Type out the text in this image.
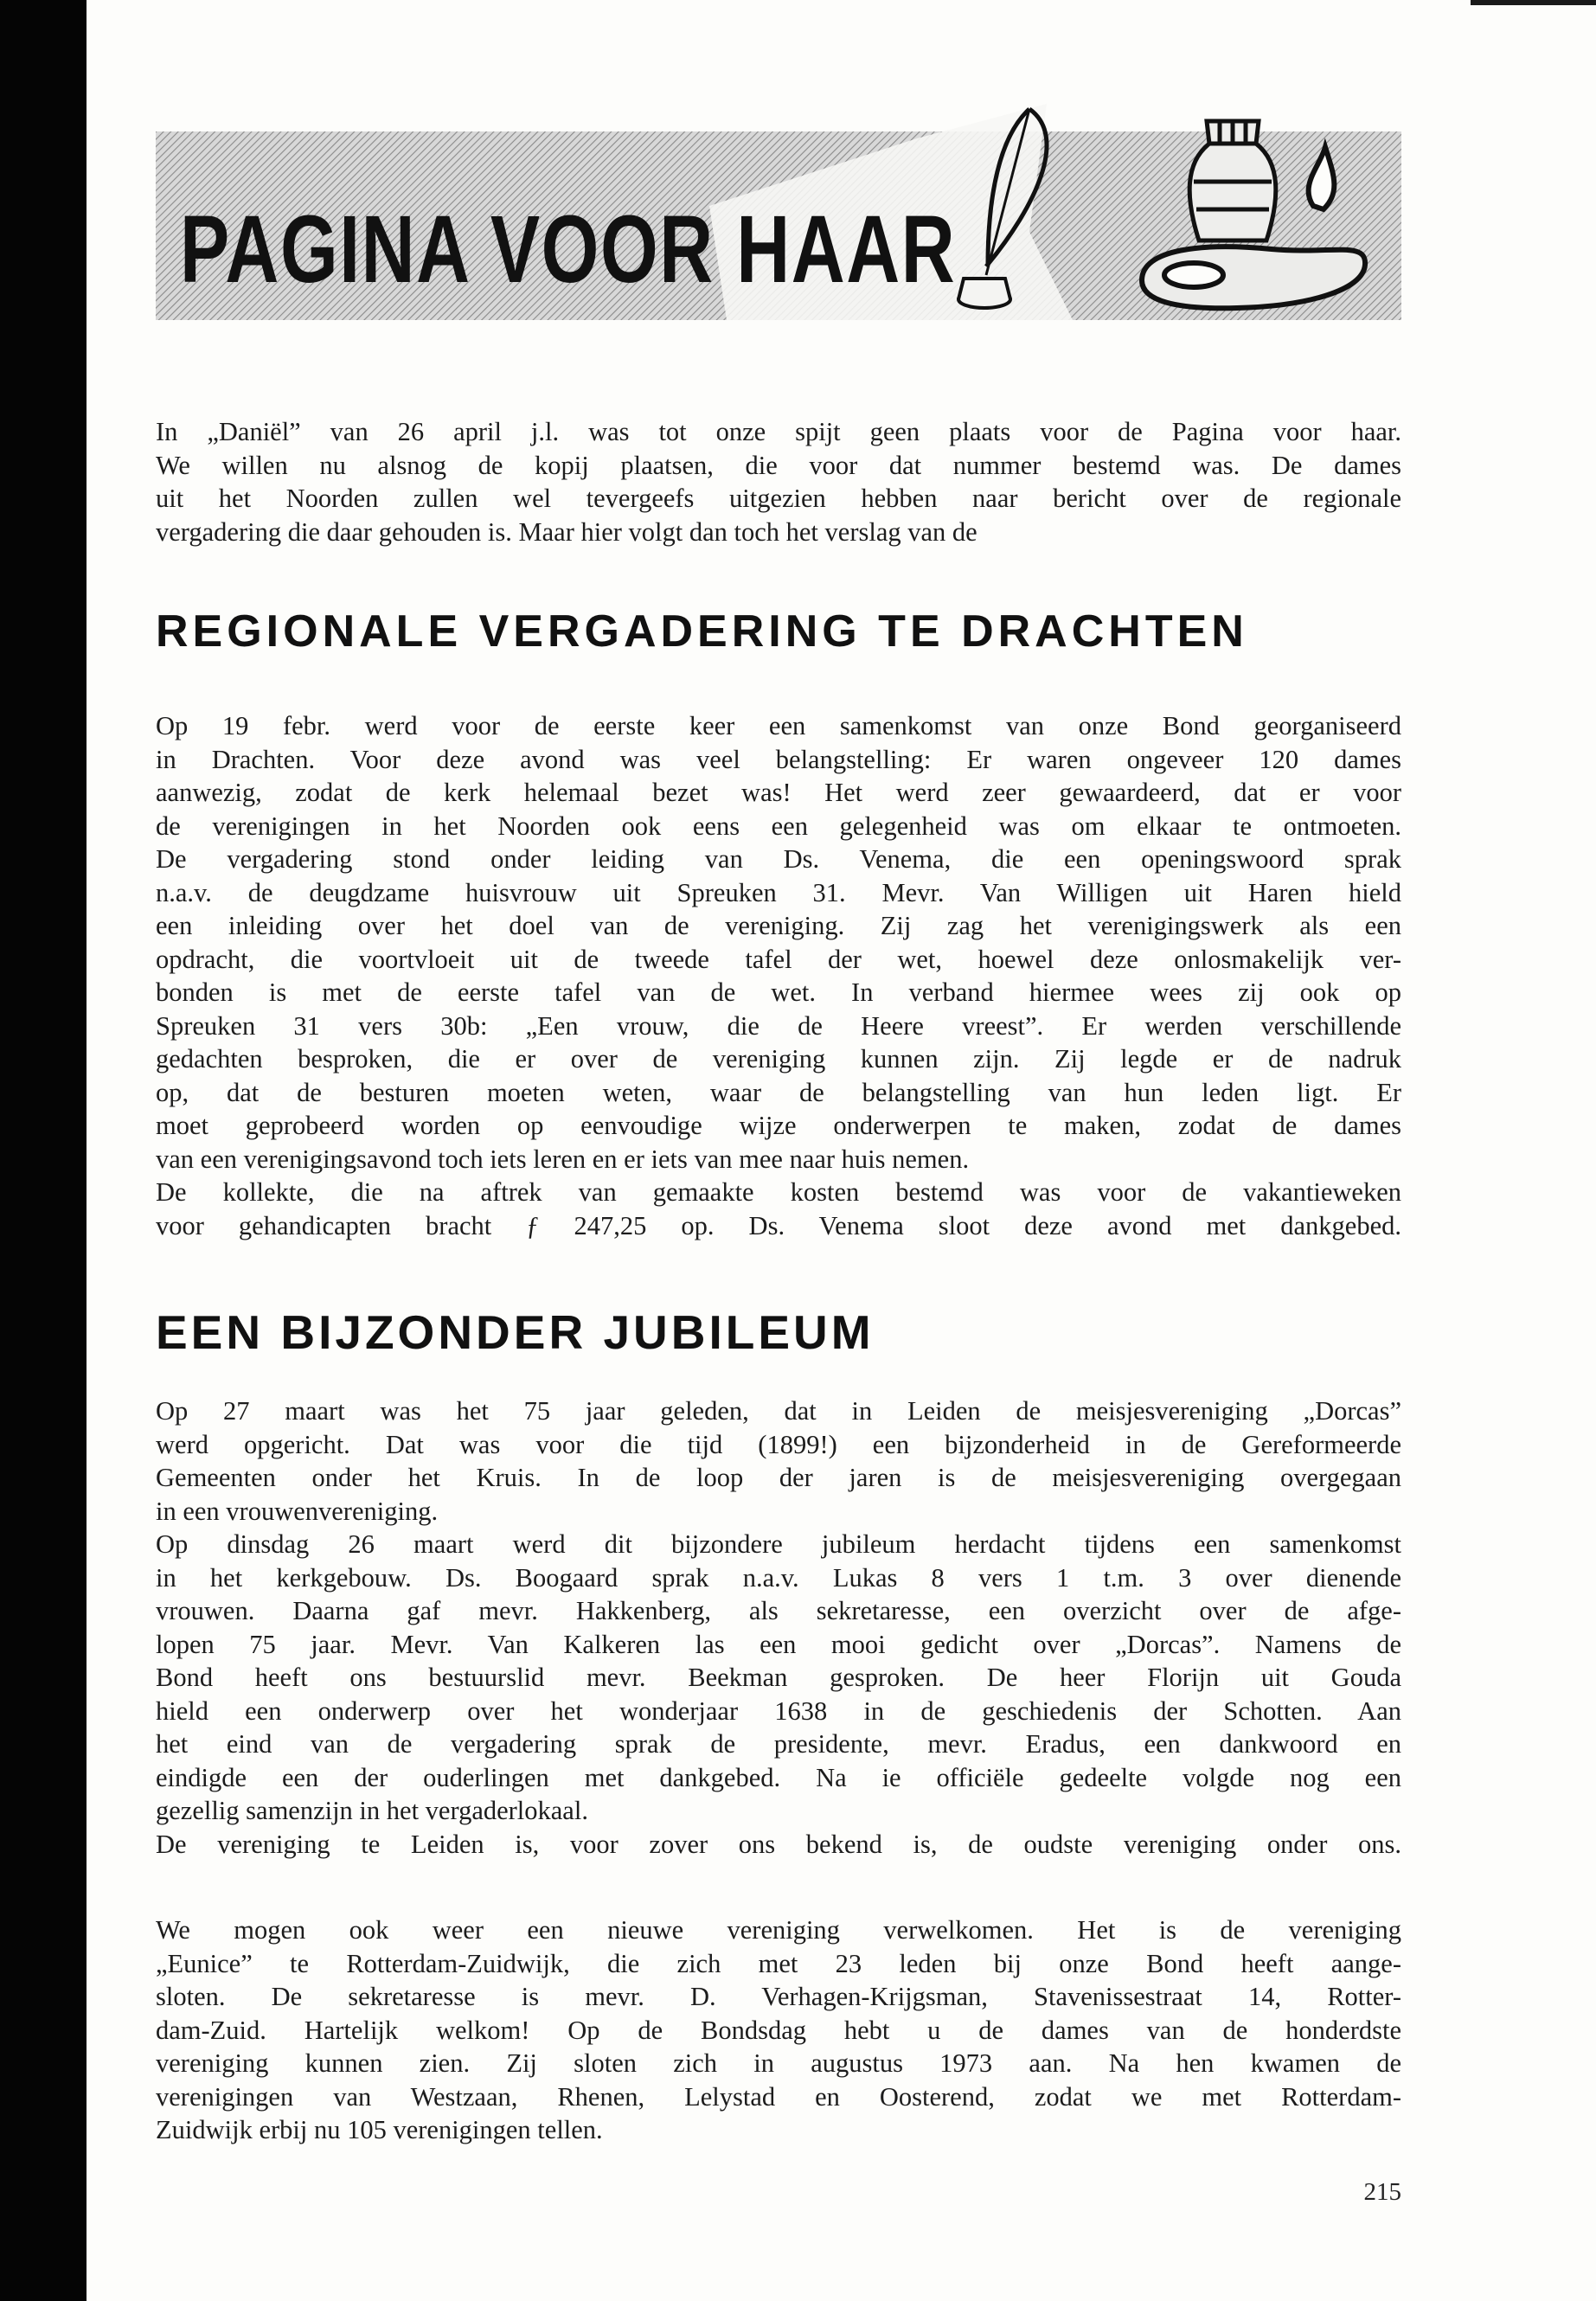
PAGINA VOOR HAAR

In „Daniël” van 26 april j.l. was tot onze spijt geen plaats voor de Pagina voor haar.

We willen nu alsnog de kopij plaatsen, die voor dat nummer bestemd was. De dames

uit het Noorden zullen wel tevergeefs uitgezien hebben naar bericht over de regionale

vergadering die daar gehouden is. Maar hier volgt dan toch het verslag van de

REGIONALE VERGADERING TE DRACHTEN

Op 19 febr. werd voor de eerste keer een samenkomst van onze Bond georganiseerd

in Drachten. Voor deze avond was veel belangstelling: Er waren ongeveer 120 dames

aanwezig, zodat de kerk helemaal bezet was! Het werd zeer gewaardeerd, dat er voor

de verenigingen in het Noorden ook eens een gelegenheid was om elkaar te ontmoeten.

De vergadering stond onder leiding van Ds. Venema, die een openingswoord sprak

n.a.v. de deugdzame huisvrouw uit Spreuken 31. Mevr. Van Willigen uit Haren hield

een inleiding over het doel van de vereniging. Zij zag het verenigingswerk als een

opdracht, die voortvloeit uit de tweede tafel der wet, hoewel deze onlosmakelijk ver-

bonden is met de eerste tafel van de wet. In verband hiermee wees zij ook op

Spreuken 31 vers 30b: „Een vrouw, die de Heere vreest”. Er werden verschillende

gedachten besproken, die er over de vereniging kunnen zijn. Zij legde er de nadruk

op, dat de besturen moeten weten, waar de belangstelling van hun leden ligt. Er

moet geprobeerd worden op eenvoudige wijze onderwerpen te maken, zodat de dames

van een verenigingsavond toch iets leren en er iets van mee naar huis nemen.

De kollekte, die na aftrek van gemaakte kosten bestemd was voor de vakantieweken

voor gehandicapten bracht ƒ 247,25 op. Ds. Venema sloot deze avond met dankgebed.

EEN BIJZONDER JUBILEUM

Op 27 maart was het 75 jaar geleden, dat in Leiden de meisjesvereniging „Dorcas”

werd opgericht. Dat was voor die tijd (1899!) een bijzonderheid in de Gereformeerde

Gemeenten onder het Kruis. In de loop der jaren is de meisjesvereniging overgegaan

in een vrouwenvereniging.

Op dinsdag 26 maart werd dit bijzondere jubileum herdacht tijdens een samenkomst

in het kerkgebouw. Ds. Boogaard sprak n.a.v. Lukas 8 vers 1 t.m. 3 over dienende

vrouwen. Daarna gaf mevr. Hakkenberg, als sekretaresse, een overzicht over de afge-

lopen 75 jaar. Mevr. Van Kalkeren las een mooi gedicht over „Dorcas”. Namens de

Bond heeft ons bestuurslid mevr. Beekman gesproken. De heer Florijn uit Gouda

hield een onderwerp over het wonderjaar 1638 in de geschiedenis der Schotten. Aan

het eind van de vergadering sprak de presidente, mevr. Eradus, een dankwoord en

eindigde een der ouderlingen met dankgebed. Na ie officiële gedeelte volgde nog een

gezellig samenzijn in het vergaderlokaal.

De vereniging te Leiden is, voor zover ons bekend is, de oudste vereniging onder ons.

We mogen ook weer een nieuwe vereniging verwelkomen. Het is de vereniging

„Eunice” te Rotterdam-Zuidwijk, die zich met 23 leden bij onze Bond heeft aange-

sloten. De sekretaresse is mevr. D. Verhagen-Krijgsman, Stavenissestraat 14, Rotter-

dam-Zuid. Hartelijk welkom! Op de Bondsdag hebt u de dames van de honderdste

vereniging kunnen zien. Zij sloten zich in augustus 1973 aan. Na hen kwamen de

verenigingen van Westzaan, Rhenen, Lelystad en Oosterend, zodat we met Rotterdam-

Zuidwijk erbij nu 105 verenigingen tellen.

215
